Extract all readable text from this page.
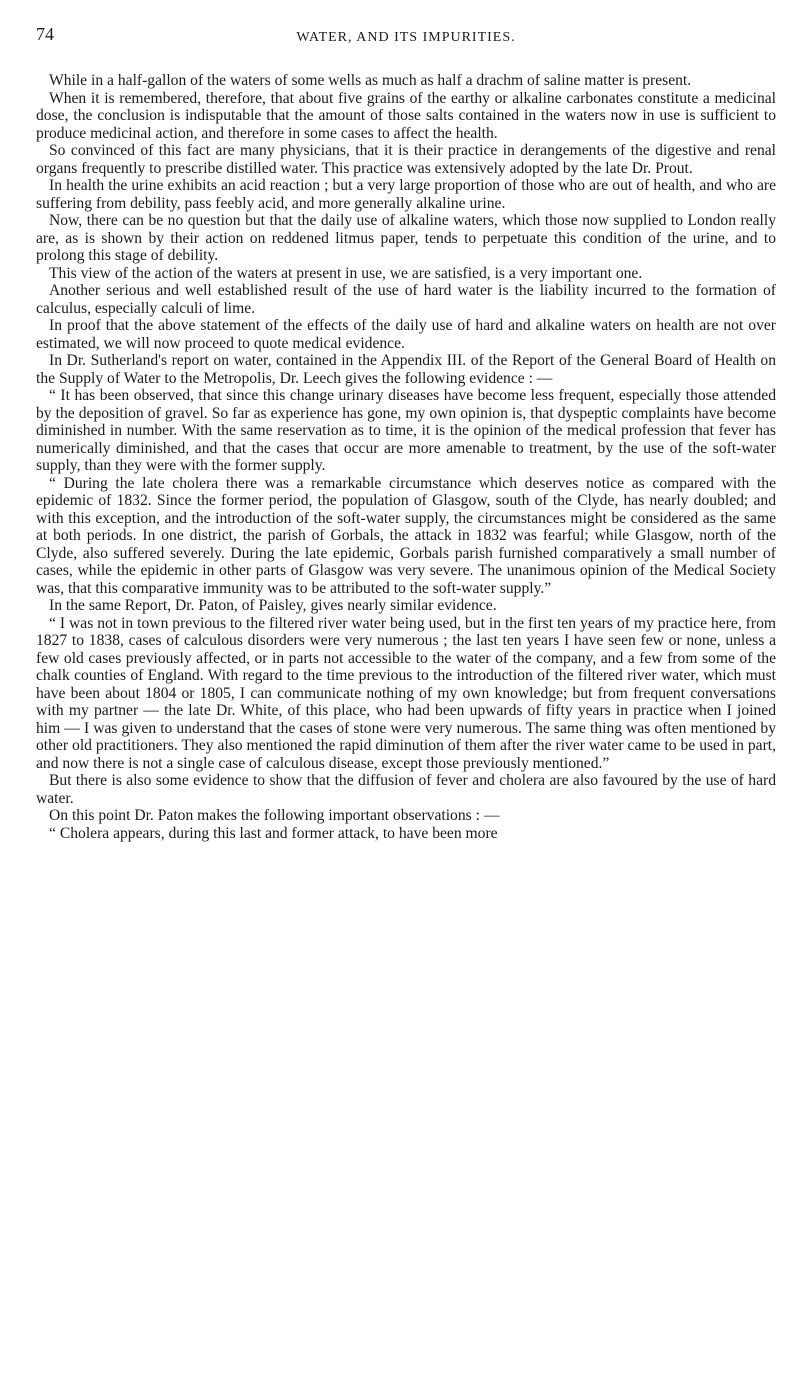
74	WATER, AND ITS IMPURITIES.

While in a half-gallon of the waters of some wells as much as half a drachm of saline matter is present.

When it is remembered, therefore, that about five grains of the earthy or alkaline carbonates constitute a medicinal dose, the conclusion is indisputable that the amount of those salts contained in the waters now in use is sufficient to produce medicinal action, and therefore in some cases to affect the health.

So convinced of this fact are many physicians, that it is their practice in derangements of the digestive and renal organs frequently to prescribe distilled water. This practice was extensively adopted by the late Dr. Prout.

In health the urine exhibits an acid reaction ; but a very large proportion of those who are out of health, and who are suffering from debility, pass feebly acid, and more generally alkaline urine.

Now, there can be no question but that the daily use of alkaline waters, which those now supplied to London really are, as is shown by their action on reddened litmus paper, tends to perpetuate this condition of the urine, and to prolong this stage of debility.

This view of the action of the waters at present in use, we are satisfied, is a very important one.

Another serious and well established result of the use of hard water is the liability incurred to the formation of calculus, especially calculi of lime.

In proof that the above statement of the effects of the daily use of hard and alkaline waters on health are not over estimated, we will now proceed to quote medical evidence.

In Dr. Sutherland's report on water, contained in the Appendix III. of the Report of the General Board of Health on the Supply of Water to the Metropolis, Dr. Leech gives the following evidence : —

“ It has been observed, that since this change urinary diseases have become less frequent, especially those attended by the deposition of gravel. So far as experience has gone, my own opinion is, that dyspeptic complaints have become diminished in number. With the same reservation as to time, it is the opinion of the medical profession that fever has numerically diminished, and that the cases that occur are more amenable to treatment, by the use of the soft-water supply, than they were with the former supply.

“ During the late cholera there was a remarkable circumstance which deserves notice as compared with the epidemic of 1832. Since the former period, the population of Glasgow, south of the Clyde, has nearly doubled; and with this exception, and the introduction of the soft-water supply, the circumstances might be considered as the same at both periods. In one district, the parish of Gorbals, the attack in 1832 was fearful; while Glasgow, north of the Clyde, also suffered severely. During the late epidemic, Gorbals parish furnished comparatively a small number of cases, while the epidemic in other parts of Glasgow was very severe. The unanimous opinion of the Medical Society was, that this comparative immunity was to be attributed to the soft-water supply.”

In the same Report, Dr. Paton, of Paisley, gives nearly similar evidence.

“ I was not in town previous to the filtered river water being used, but in the first ten years of my practice here, from 1827 to 1838, cases of calculous disorders were very numerous ; the last ten years I have seen few or none, unless a few old cases previously affected, or in parts not accessible to the water of the company, and a few from some of the chalk counties of England. With regard to the time previous to the introduction of the filtered river water, which must have been about 1804 or 1805, I can communicate nothing of my own knowledge; but from frequent conversations with my partner — the late Dr. White, of this place, who had been upwards of fifty years in practice when I joined him — I was given to understand that the cases of stone were very numerous. The same thing was often mentioned by other old practitioners. They also mentioned the rapid diminution of them after the river water came to be used in part, and now there is not a single case of calculous disease, except those previously mentioned.”

But there is also some evidence to show that the diffusion of fever and cholera are also favoured by the use of hard water.

On this point Dr. Paton makes the following important observations : —

“ Cholera appears, during this last and former attack, to have been more
